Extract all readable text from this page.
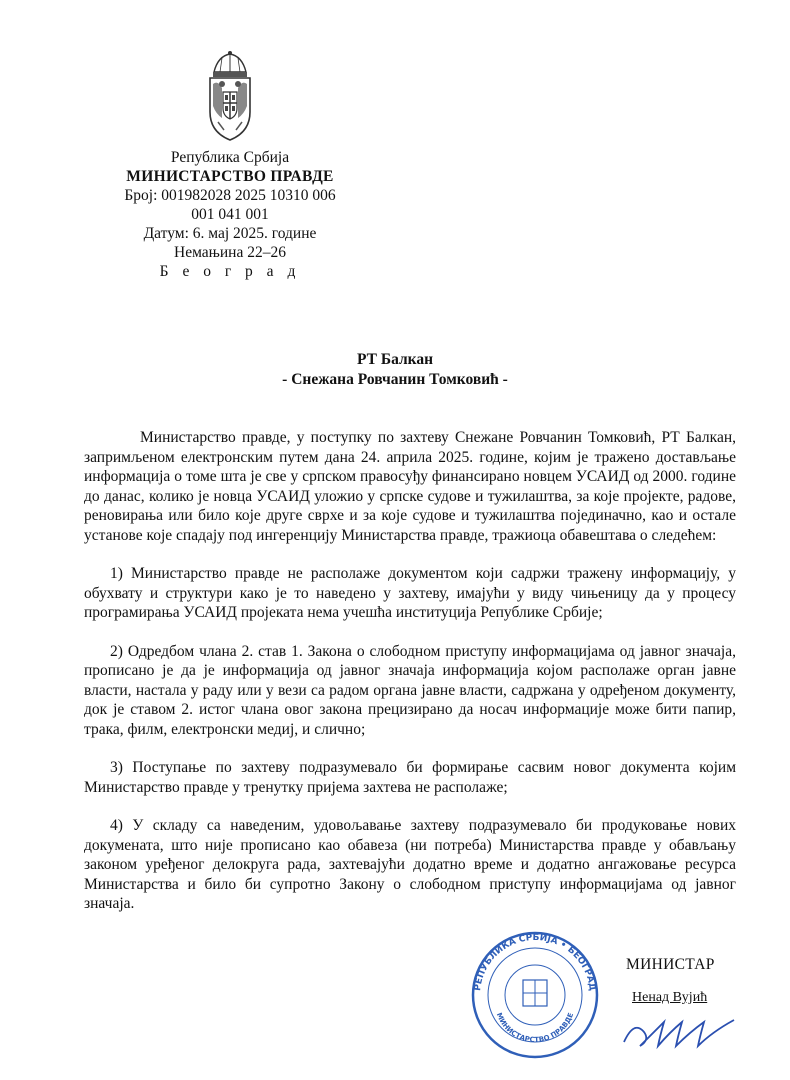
Република Србија
МИНИСТАРСТВО ПРАВДЕ
Број: 001982028 2025 10310 006
001 041 001
Датум: 6. мај 2025. године
Немањина 22–26
Б е о г р а д
РТ Балкан
- Снежана Ровчанин Томковић -

Министарство правде, у поступку по захтеву Снежане Ровчанин Томковић, РТ Балкан, запримљеном електронским путем дана 24. априла 2025. године, којим је тражено достављање информација о томе шта је све у српском правосуђу финансирано новцем УСАИД од 2000. године до данас, колико је новца УСАИД уложио у српске судове и тужилаштва, за које пројекте, радове, реновирања или било које друге сврхе и за које судове и тужилаштва појединачно, као и остале установе које спадају под ингеренцију Министарства правде, тражиоца обавештава о следећем:

1) Министарство правде не располаже документом који садржи тражену информацију, у обухвату и структури како је то наведено у захтеву, имајући у виду чињеницу да у процесу програмирања УСАИД пројеката нема учешћа институција Републике Србије;

2) Одредбом члана 2. став 1. Закона о слободном приступу информацијама од јавног значаја, прописано је да је информација од јавног значаја информација којом располаже орган јавне власти, настала у раду или у вези са радом органа јавне власти, садржана у одређеном документу, док је ставом 2. истог члана овог закона прецизирано да носач информације може бити папир, трака, филм, електронски медиј, и слично;

3) Поступање по захтеву подразумевало би формирање сасвим новог документа којим Министарство правде у тренутку пријема захтева не располаже;

4) У складу са наведеним, удовољавање захтеву подразумевало би продуковање нових докумената, што није прописано као обавеза (ни потреба) Министарства правде у обављању законом уређеног делокруга рада, захтевајући додатно време и додатно ангажовање ресурса Министарства и било би супротно Закону о слободном приступу информацијама од јавног значаја.

РЕПУБЛИКА СРБИЈА • БЕОГРАД
МИНИСТАРСТВО ПРАВДЕ
МИНИСТАР
Ненад Вујић
